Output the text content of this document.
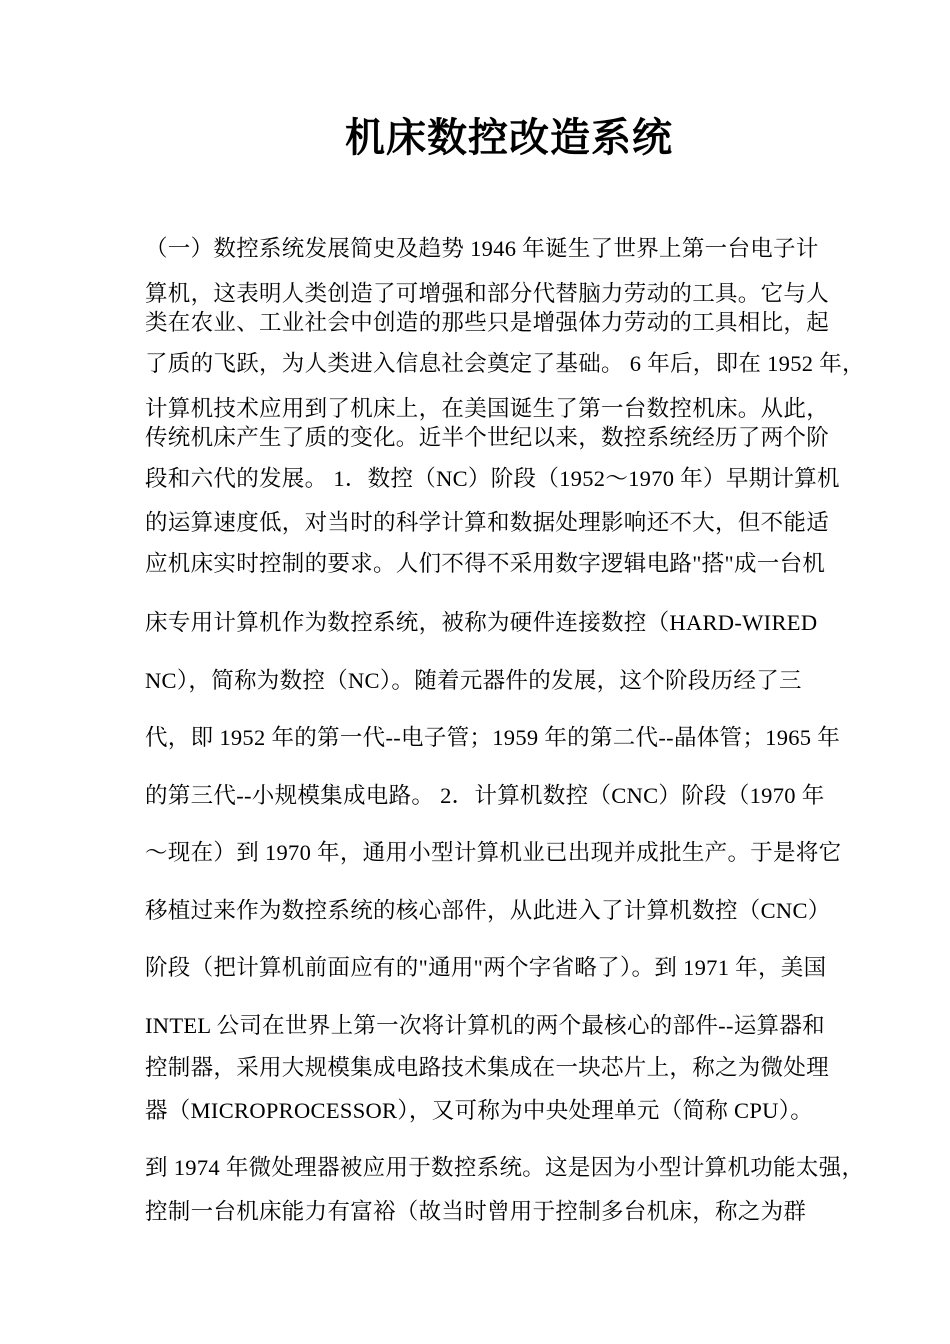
机床数控改造系统
（一）数控系统发展简史及趋势 1946 年诞生了世界上第一台电子计
算机，这表明人类创造了可增强和部分代替脑力劳动的工具。它与人
类在农业、工业社会中创造的那些只是增强体力劳动的工具相比，起
了质的飞跃，为人类进入信息社会奠定了基础。 6 年后，即在 1952 年，
计算机技术应用到了机床上，在美国诞生了第一台数控机床。从此，
传统机床产生了质的变化。近半个世纪以来，数控系统经历了两个阶
段和六代的发展。 1．数控（NC）阶段（1952～1970 年）早期计算机
的运算速度低，对当时的科学计算和数据处理影响还不大，但不能适
应机床实时控制的要求。人们不得不采用数字逻辑电路"搭"成一台机
床专用计算机作为数控系统，被称为硬件连接数控（HARD-WIRED
NC），简称为数控（NC）。随着元器件的发展，这个阶段历经了三
代，即 1952 年的第一代--电子管；1959 年的第二代--晶体管；1965 年
的第三代--小规模集成电路。 2．计算机数控（CNC）阶段（1970 年
～现在）到 1970 年，通用小型计算机业已出现并成批生产。于是将它
移植过来作为数控系统的核心部件，从此进入了计算机数控（CNC）
阶段（把计算机前面应有的"通用"两个字省略了）。到 1971 年，美国
INTEL 公司在世界上第一次将计算机的两个最核心的部件--运算器和
控制器，采用大规模集成电路技术集成在一块芯片上，称之为微处理
器（MICROPROCESSOR），又可称为中央处理单元（简称 CPU）。
到 1974 年微处理器被应用于数控系统。这是因为小型计算机功能太强，
控制一台机床能力有富裕（故当时曾用于控制多台机床，称之为群
